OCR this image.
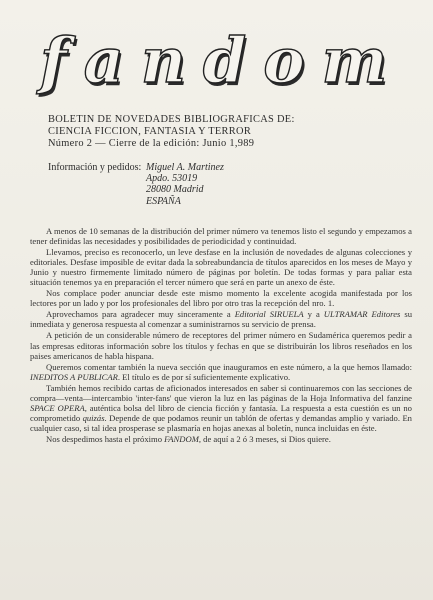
fandom
BOLETIN DE NOVEDADES BIBLIOGRAFICAS DE:
CIENCIA FICCION, FANTASIA Y TERROR
Número 2 — Cierre de la edición: Junio 1,989
Información y pedidos: Miguel A. Martinez
Apdo. 53019
28080 Madrid
ESPAÑA

A menos de 10 semanas de la distribución del primer número va tenemos listo el segundo y empezamos a tener definidas las necesidades y posibilidades de periodicidad y continuidad.

Llevamos, preciso es reconocerlo, un leve desfase en la inclusión de novedades de algunas colecciones y editoriales. Desfase imposible de evitar dada la sobreabundancia de títulos aparecidos en los meses de Mayo y Junio y nuestro firmemente limitado número de páginas por boletín. De todas formas y para paliar esta situación tenemos ya en preparación el tercer número que será en parte un anexo de éste.

Nos complace poder anunciar desde este mismo momento la excelente acogida manifestada por los lectores por un lado y por los profesionales del libro por otro tras la recepción del nro. 1.

Aprovechamos para agradecer muy sinceramente a Editorial SIRUELA y a ULTRAMAR Editores su inmediata y generosa respuesta al comenzar a suministrarnos su servicio de prensa.

A petición de un considerable número de receptores del primer número en Sudamérica queremos pedir a las empresas editoras información sobre los títulos y fechas en que se distribuirán los libros reseñados en los paises americanos de habla hispana.

Queremos comentar también la nueva sección que inauguramos en este número, a la que hemos llamado: INEDITOS A PUBLICAR. El título es de por sí suficientemente explicativo.

También hemos recibido cartas de aficionados interesados en saber si continuaremos con las secciones de compra—venta—intercambio 'inter-fans' que vieron la luz en las páginas de la Hoja Informativa del fanzine SPACE OPERA, auténtica bolsa del libro de ciencia ficción y fantasía. La respuesta a esta cuestión es un no comprometido quizás. Depende de que podamos reunir un tablón de ofertas y demandas amplio y variado. En cualquier caso, si tal idea prosperase se plasmaría en hojas anexas al boletín, nunca incluidas en éste.

Nos despedimos hasta el próximo FANDOM, de aquí a 2 ó 3 meses, si Dios quiere.
